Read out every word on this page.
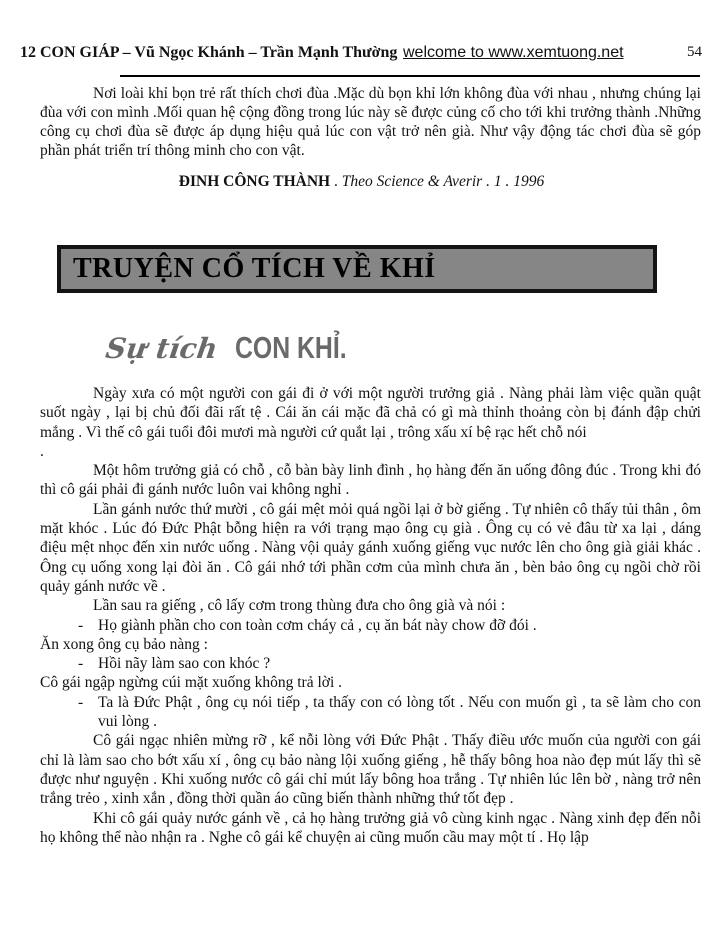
12 CON GIÁP – Vũ Ngọc Khánh – Trần Mạnh Thường welcome to www.xemtuong.net	54

Nơi loài khỉ bọn trẻ rất thích chơi đùa .Mặc dù bọn khỉ lớn không đùa với nhau , nhưng chúng lại đùa với con mình .Mối quan hệ cộng đồng trong lúc này sẽ được củng cố cho tới khi trưởng thành .Những công cụ chơi đùa sẽ được áp dụng hiệu quả lúc con vật trở nên già. Như vậy động tác chơi đùa sẽ góp phần phát triển trí thông minh cho con vật.

ĐINH CÔNG THÀNH . Theo Science & Averir . 1 . 1996
TRUYỆN CỔ TÍCH VỀ KHỈ
Sự tích CON KHỈ.

Ngày xưa có một người con gái đi ở với một người trưởng giả . Nàng phải làm việc quần quật suốt ngày , lại bị chủ đối đãi rất tệ . Cái ăn cái mặc đã chả có gì mà thỉnh thoảng còn bị đánh đập chửi mắng . Vì thế cô gái tuổi đôi mươi mà người cứ quắt lại , trông xấu xí bệ rạc hết chỗ nói

.

Một hôm trưởng giả có chỗ , cỗ bàn bày linh đình , họ hàng đến ăn uống đông đúc . Trong khi đó thì cô gái phải đi gánh nước luôn vai không nghỉ .

Lần gánh nước thứ mười , cô gái mệt mỏi quá ngồi lại ở bờ giếng . Tự nhiên cô thấy tủi thân , ôm mặt khóc . Lúc đó Đức Phật bỗng hiện ra với trạng mạo ông cụ già . Ông cụ có vẻ đâu từ xa lại , dáng điệu mệt nhọc đến xin nước uống . Nàng vội quảy gánh xuống giếng vục nước lên cho ông già giải khác . Ông cụ uống xong lại đòi ăn . Cô gái nhớ tới phần cơm của mình chưa ăn , bèn bảo ông cụ ngồi chờ rồi quảy gánh nước về .

Lần sau ra giếng , cô lấy cơm trong thùng đưa cho ông già và nói :

- Họ giành phần cho con toàn cơm cháy cả , cụ ăn bát này chow đỡ đói .

Ăn xong ông cụ bảo nàng :

- Hồi nãy làm sao con khóc ?

Cô gái ngập ngừng cúi mặt xuống không trả lời .

- Ta là Đức Phật , ông cụ nói tiếp , ta thấy con có lòng tốt . Nếu con muốn gì , ta sẽ làm cho con vui lòng .

Cô gái ngạc nhiên mừng rỡ , kể nỗi lòng với Đức Phật . Thấy điều ước muốn của người con gái chỉ là làm sao cho bớt xấu xí , ông cụ bảo nàng lội xuống giếng , hễ thấy bông hoa nào đẹp mút lấy thì sẽ được như nguyện . Khi xuống nước cô gái chỉ mút lấy bông hoa trắng . Tự nhiên lúc lên bờ , nàng trở nên trắng trẻo , xinh xắn , đồng thời quần áo cũng biến thành những thứ tốt đẹp .

Khi cô gái quảy nước gánh về , cả họ hàng trưởng giả vô cùng kinh ngạc . Nàng xinh đẹp đến nỗi họ không thể nào nhận ra . Nghe cô gái kể chuyện ai cũng muốn cầu may một tí . Họ lập
